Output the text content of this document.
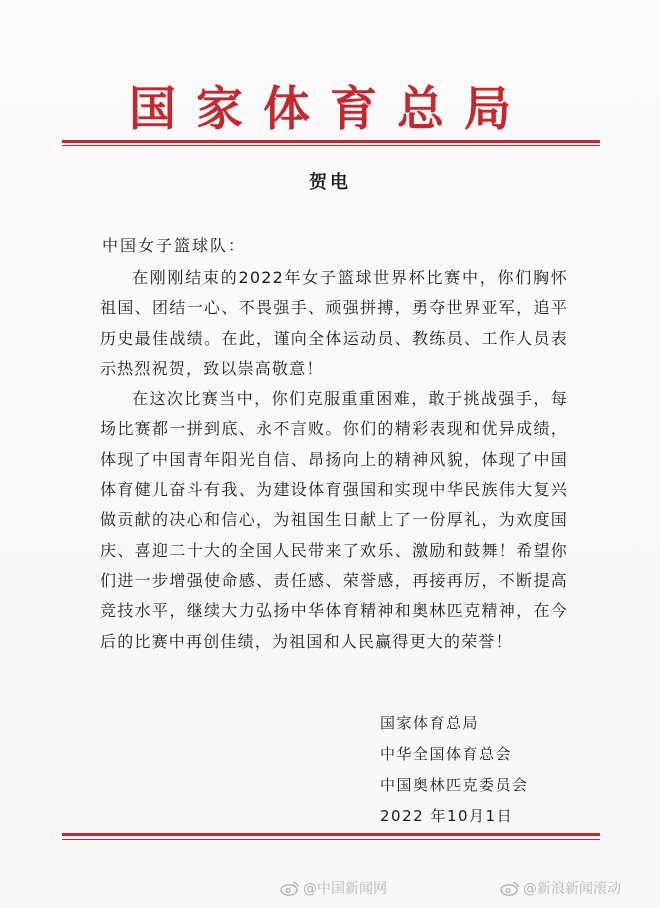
国家体育总局
贺电
中国女子篮球队：

在刚刚结束的2022年女子篮球世界杯比赛中，你们胸怀祖国、团结一心、不畏强手、顽强拼搏，勇夺世界亚军，追平历史最佳战绩。在此，谨向全体运动员、教练员、工作人员表示热烈祝贺，致以崇高敬意！

在这次比赛当中，你们克服重重困难，敢于挑战强手，每场比赛都一拼到底、永不言败。你们的精彩表现和优异成绩，体现了中国青年阳光自信、昂扬向上的精神风貌，体现了中国体育健儿奋斗有我、为建设体育强国和实现中华民族伟大复兴做贡献的决心和信心，为祖国生日献上了一份厚礼，为欢度国庆、喜迎二十大的全国人民带来了欢乐、激励和鼓舞！希望你们进一步增强使命感、责任感、荣誉感，再接再厉，不断提高竞技水平，继续大力弘扬中华体育精神和奥林匹克精神，在今后的比赛中再创佳绩，为祖国和人民赢得更大的荣誉！

国家体育总局
中华全国体育总会
中国奥林匹克委员会
2022 年10月1日
@中国新闻网	@新浪新闻滚动
